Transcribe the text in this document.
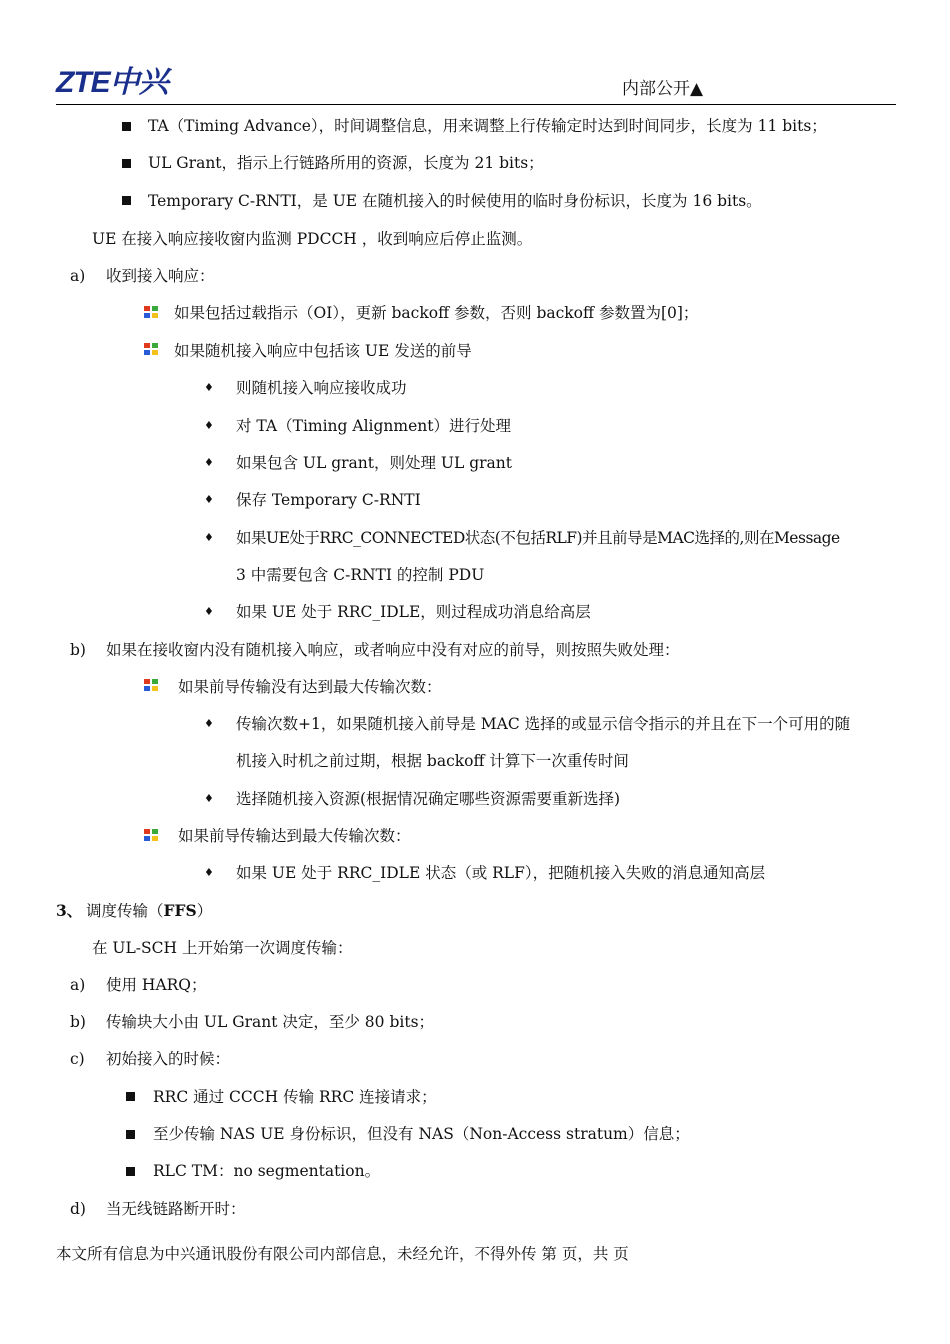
ZTE中兴	内部公开▲
TA（Timing Advance），时间调整信息，用来调整上行传输定时达到时间同步，长度为 11 bits；
UL Grant，指示上行链路所用的资源，长度为 21 bits；
Temporary C-RNTI，是 UE 在随机接入的时候使用的临时身份标识，长度为 16 bits。
UE 在接入响应接收窗内监测 PDCCH ，收到响应后停止监测。
a) 收到接入响应：
如果包括过载指示（OI），更新 backoff 参数，否则 backoff 参数置为[0]；
如果随机接入响应中包括该 UE 发送的前导
♦ 则随机接入响应接收成功
♦ 对 TA（Timing Alignment）进行处理
♦ 如果包含 UL grant，则处理 UL grant
♦ 保存 Temporary C-RNTI
♦ 如果UE处于RRC_CONNECTED状态(不包括RLF)并且前导是MAC选择的,则在Message
3 中需要包含 C-RNTI 的控制 PDU
♦ 如果 UE 处于 RRC_IDLE，则过程成功消息给高层
b) 如果在接收窗内没有随机接入响应，或者响应中没有对应的前导，则按照失败处理：
如果前导传输没有达到最大传输次数：
♦ 传输次数+1，如果随机接入前导是 MAC 选择的或显示信令指示的并且在下一个可用的随
机接入时机之前过期，根据 backoff 计算下一次重传时间
♦ 选择随机接入资源(根据情况确定哪些资源需要重新选择)
如果前导传输达到最大传输次数：
♦ 如果 UE 处于 RRC_IDLE 状态（或 RLF），把随机接入失败的消息通知高层
3、 调度传输（FFS）
在 UL-SCH 上开始第一次调度传输：
a) 使用 HARQ；
b) 传输块大小由 UL Grant 决定，至少 80 bits；
c) 初始接入的时候：
RRC 通过 CCCH 传输 RRC 连接请求；
至少传输 NAS UE 身份标识，但没有 NAS（Non-Access stratum）信息；
RLC TM：no segmentation。
d) 当无线链路断开时：
本文所有信息为中兴通讯股份有限公司内部信息，未经允许，不得外传 第 页，共 页
